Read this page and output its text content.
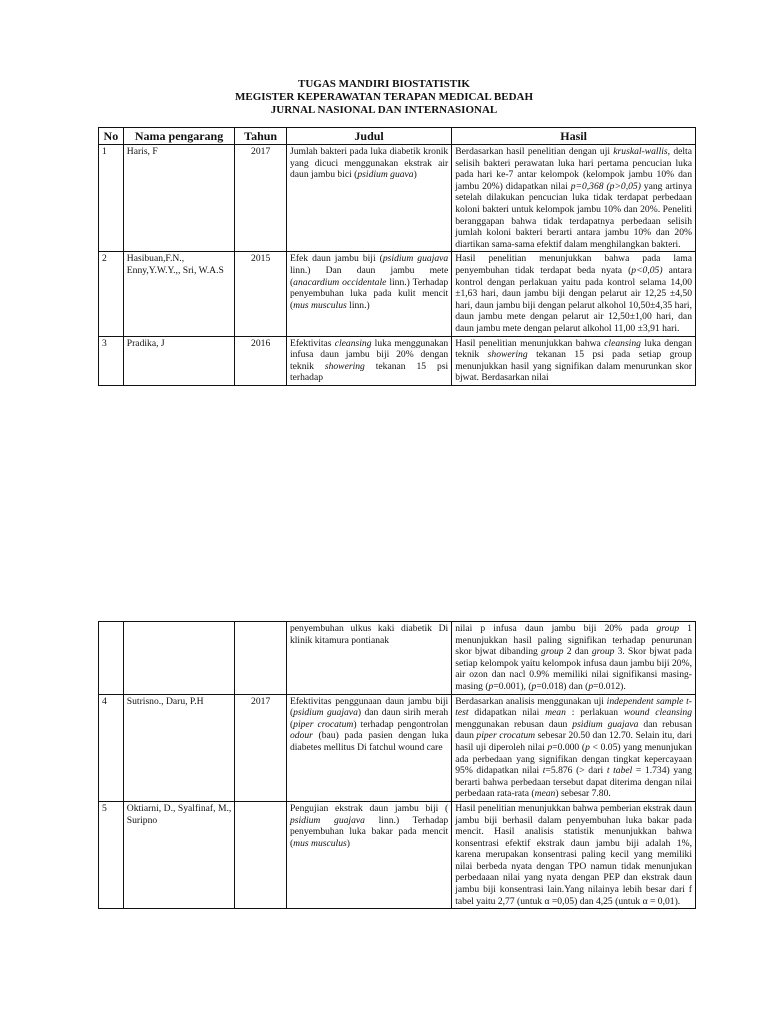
TUGAS MANDIRI BIOSTATISTIK
MEGISTER KEPERAWATAN TERAPAN MEDICAL BEDAH
JURNAL NASIONAL DAN INTERNASIONAL
No	Nama pengarang	Tahun	Judul	Hasil
1	Haris, F	2017	Jumlah bakteri pada luka diabetik kronik yang dicuci menggunakan ekstrak air daun jambu bici (psidium guava)	Berdasarkan hasil penelitian dengan uji kruskal-wallis, delta selisih bakteri perawatan luka hari pertama pencucian luka pada hari ke-7 antar kelompok (kelompok jambu 10% dan jambu 20%) didapatkan nilai p=0,368 (p>0,05) yang artinya setelah dilakukan pencucian luka tidak terdapat perbedaan koloni bakteri untuk kelompok jambu 10% dan 20%. Peneliti beranggapan bahwa tidak terdapatnya perbedaan selisih jumlah koloni bakteri berarti antara jambu 10% dan 20% diartikan sama-sama efektif dalam menghilangkan bakteri.
2	Hasibuan,F.N., Enny,Y.W.Y.,, Sri, W.A.S	2015	Efek daun jambu biji (psidium guajava linn.) Dan daun jambu mete (anacardium occidentale linn.) Terhadap penyembuhan luka pada kulit mencit (mus musculus linn.)	Hasil penelitian menunjukkan bahwa pada lama penyembuhan tidak terdapat beda nyata (p<0,05) antara kontrol dengan perlakuan yaitu pada kontrol selama 14,00 ±1,63 hari, daun jambu biji dengan pelarut air 12,25 ±4,50 hari, daun jambu biji dengan pelarut alkohol 10,50±4,35 hari, daun jambu mete dengan pelarut air 12,50±1,00 hari, dan daun jambu mete dengan pelarut alkohol 11,00 ±3,91 hari.
3	Pradika, J	2016	Efektivitas cleansing luka menggunakan infusa daun jambu biji 20% dengan teknik showering tekanan 15 psi terhadap	Hasil penelitian menunjukkan bahwa cleansing luka dengan teknik showering tekanan 15 psi pada setiap group menunjukkan hasil yang signifikan dalam menurunkan skor bjwat. Berdasarkan nilai
			penyembuhan ulkus kaki diabetik Di klinik kitamura pontianak	nilai p infusa daun jambu biji 20% pada group 1 menunjukkan hasil paling signifikan terhadap penurunan skor bjwat dibanding group 2 dan group 3. Skor bjwat pada setiap kelompok yaitu kelompok infusa daun jambu biji 20%, air ozon dan nacl 0.9% memiliki nilai signifikansi masing-masing (p=0.001), (p=0.018) dan (p=0.012).
4	Sutrisno., Daru, P.H	2017	Efektivitas penggunaan daun jambu biji (psidium guajava) dan daun sirih merah (piper crocatum) terhadap pengontrolan odour (bau) pada pasien dengan luka diabetes mellitus Di fatchul wound care	Berdasarkan analisis menggunakan uji independent sample t-test didapatkan nilai mean : perlakuan wound cleansing menggunakan rebusan daun psidium guajava dan rebusan daun piper crocatum sebesar 20.50 dan 12.70. Selain itu, dari hasil uji diperoleh nilai p=0.000 (p < 0.05) yang menunjukan ada perbedaan yang signifikan dengan tingkat kepercayaan 95% didapatkan nilai t=5.876 (> dari t tabel = 1.734) yang berarti bahwa perbedaan tersebut dapat diterima dengan nilai perbedaan rata-rata (mean) sebesar 7.80.
5	Oktiarni, D., Syalfinaf, M., Suripno		Pengujian ekstrak daun jambu biji ( psidium guajava linn.) Terhadap penyembuhan luka bakar pada mencit (mus musculus)	Hasil penelitian menunjukkan bahwa pemberian ekstrak daun jambu biji berhasil dalam penyembuhan luka bakar pada mencit. Hasil analisis statistik menunjukkan bahwa konsentrasi efektif ekstrak daun jambu biji adalah 1%, karena merupakan konsentrasi paling kecil yang memiliki nilai berbeda nyata dengan TPO namun tidak menunjukan perbedaaan nilai yang nyata dengan PEP dan ekstrak daun jambu biji konsentrasi lain.Yang nilainya lebih besar dari f tabel yaitu 2,77 (untuk α =0,05) dan 4,25 (untuk α = 0,01).
